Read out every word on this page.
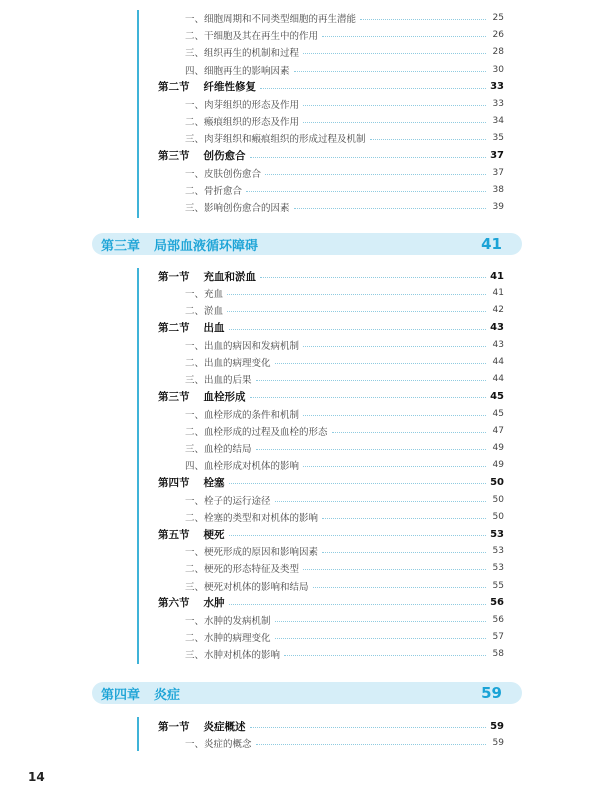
一、细胞周期和不同类型细胞的再生潜能	25
二、干细胞及其在再生中的作用	26
三、组织再生的机制和过程	28
四、细胞再生的影响因素	30
第二节 纤维性修复	33
一、肉芽组织的形态及作用	33
二、瘢痕组织的形态及作用	34
三、肉芽组织和瘢痕组织的形成过程及机制	35
第三节 创伤愈合	37
一、皮肤创伤愈合	37
二、骨折愈合	38
三、影响创伤愈合的因素	39
第三章 局部血液循环障碍	41
第一节 充血和淤血	41
一、充血	41
二、淤血	42
第二节 出血	43
一、出血的病因和发病机制	43
二、出血的病理变化	44
三、出血的后果	44
第三节 血栓形成	45
一、血栓形成的条件和机制	45
二、血栓形成的过程及血栓的形态	47
三、血栓的结局	49
四、血栓形成对机体的影响	49
第四节 栓塞	50
一、栓子的运行途径	50
二、栓塞的类型和对机体的影响	50
第五节 梗死	53
一、梗死形成的原因和影响因素	53
二、梗死的形态特征及类型	53
三、梗死对机体的影响和结局	55
第六节 水肿	56
一、水肿的发病机制	56
二、水肿的病理变化	57
三、水肿对机体的影响	58
第四章 炎症	59
第一节 炎症概述	59
一、炎症的概念	59
14
